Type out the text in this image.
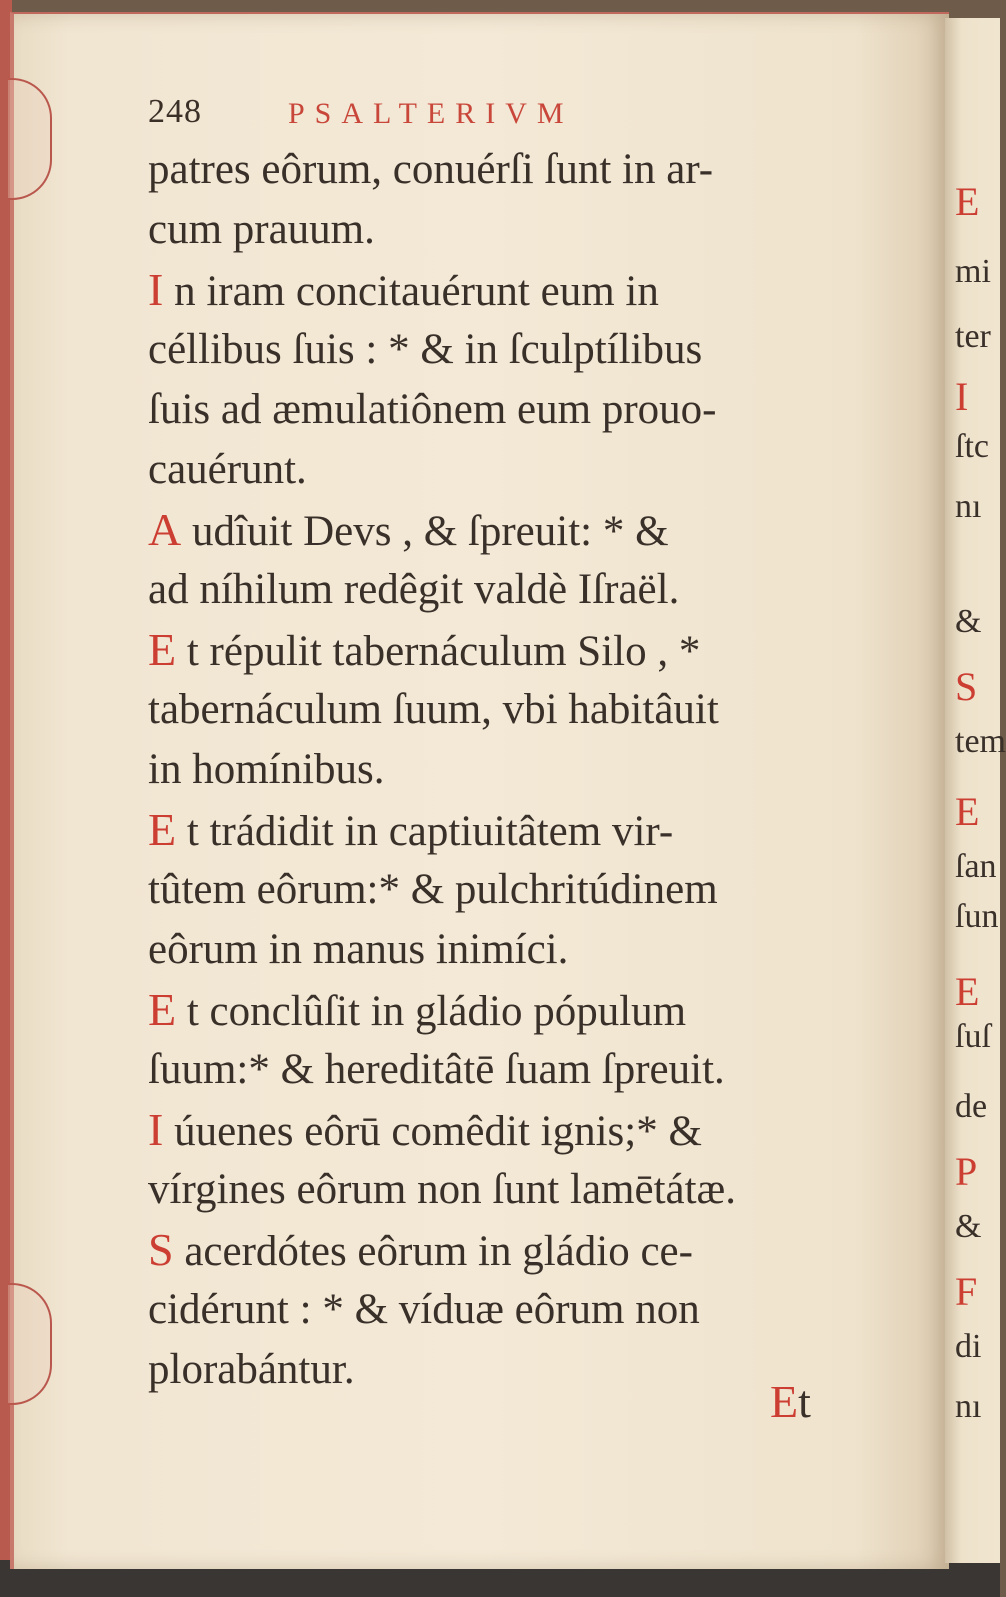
E
mi
ter
I
ſtc
nı
&
S
tem
E
ſan
ſun
E
ſuſ
de
P
&
F
di
nı
248	PSALTERIVM
patres eôrum, conuérſi ſunt in ar-
cum prauum.
I n iram concitauérunt eum in
céllibus ſuis : * & in ſculptílibus
ſuis ad æmulatiônem eum prouo-
cauérunt.
A udîuit Devs , & ſpreuit: * &
ad níhilum redêgit valdè Iſraël.
E t répulit tabernáculum Silo , *
tabernáculum ſuum, vbi habitâuit
in homínibus.
E t trádidit in captiuitâtem vir-
tûtem eôrum:* & pulchritúdinem
eôrum in manus inimíci.
E t conclûſit in gládio pópulum
ſuum:* & hereditâtē ſuam ſpreuit.
I úuenes eôrū comêdit ignis;* &
vírgines eôrum non ſunt lamētátæ.
S acerdótes eôrum in gládio ce-
cidérunt : * & víduæ eôrum non
plorabántur.
Et
